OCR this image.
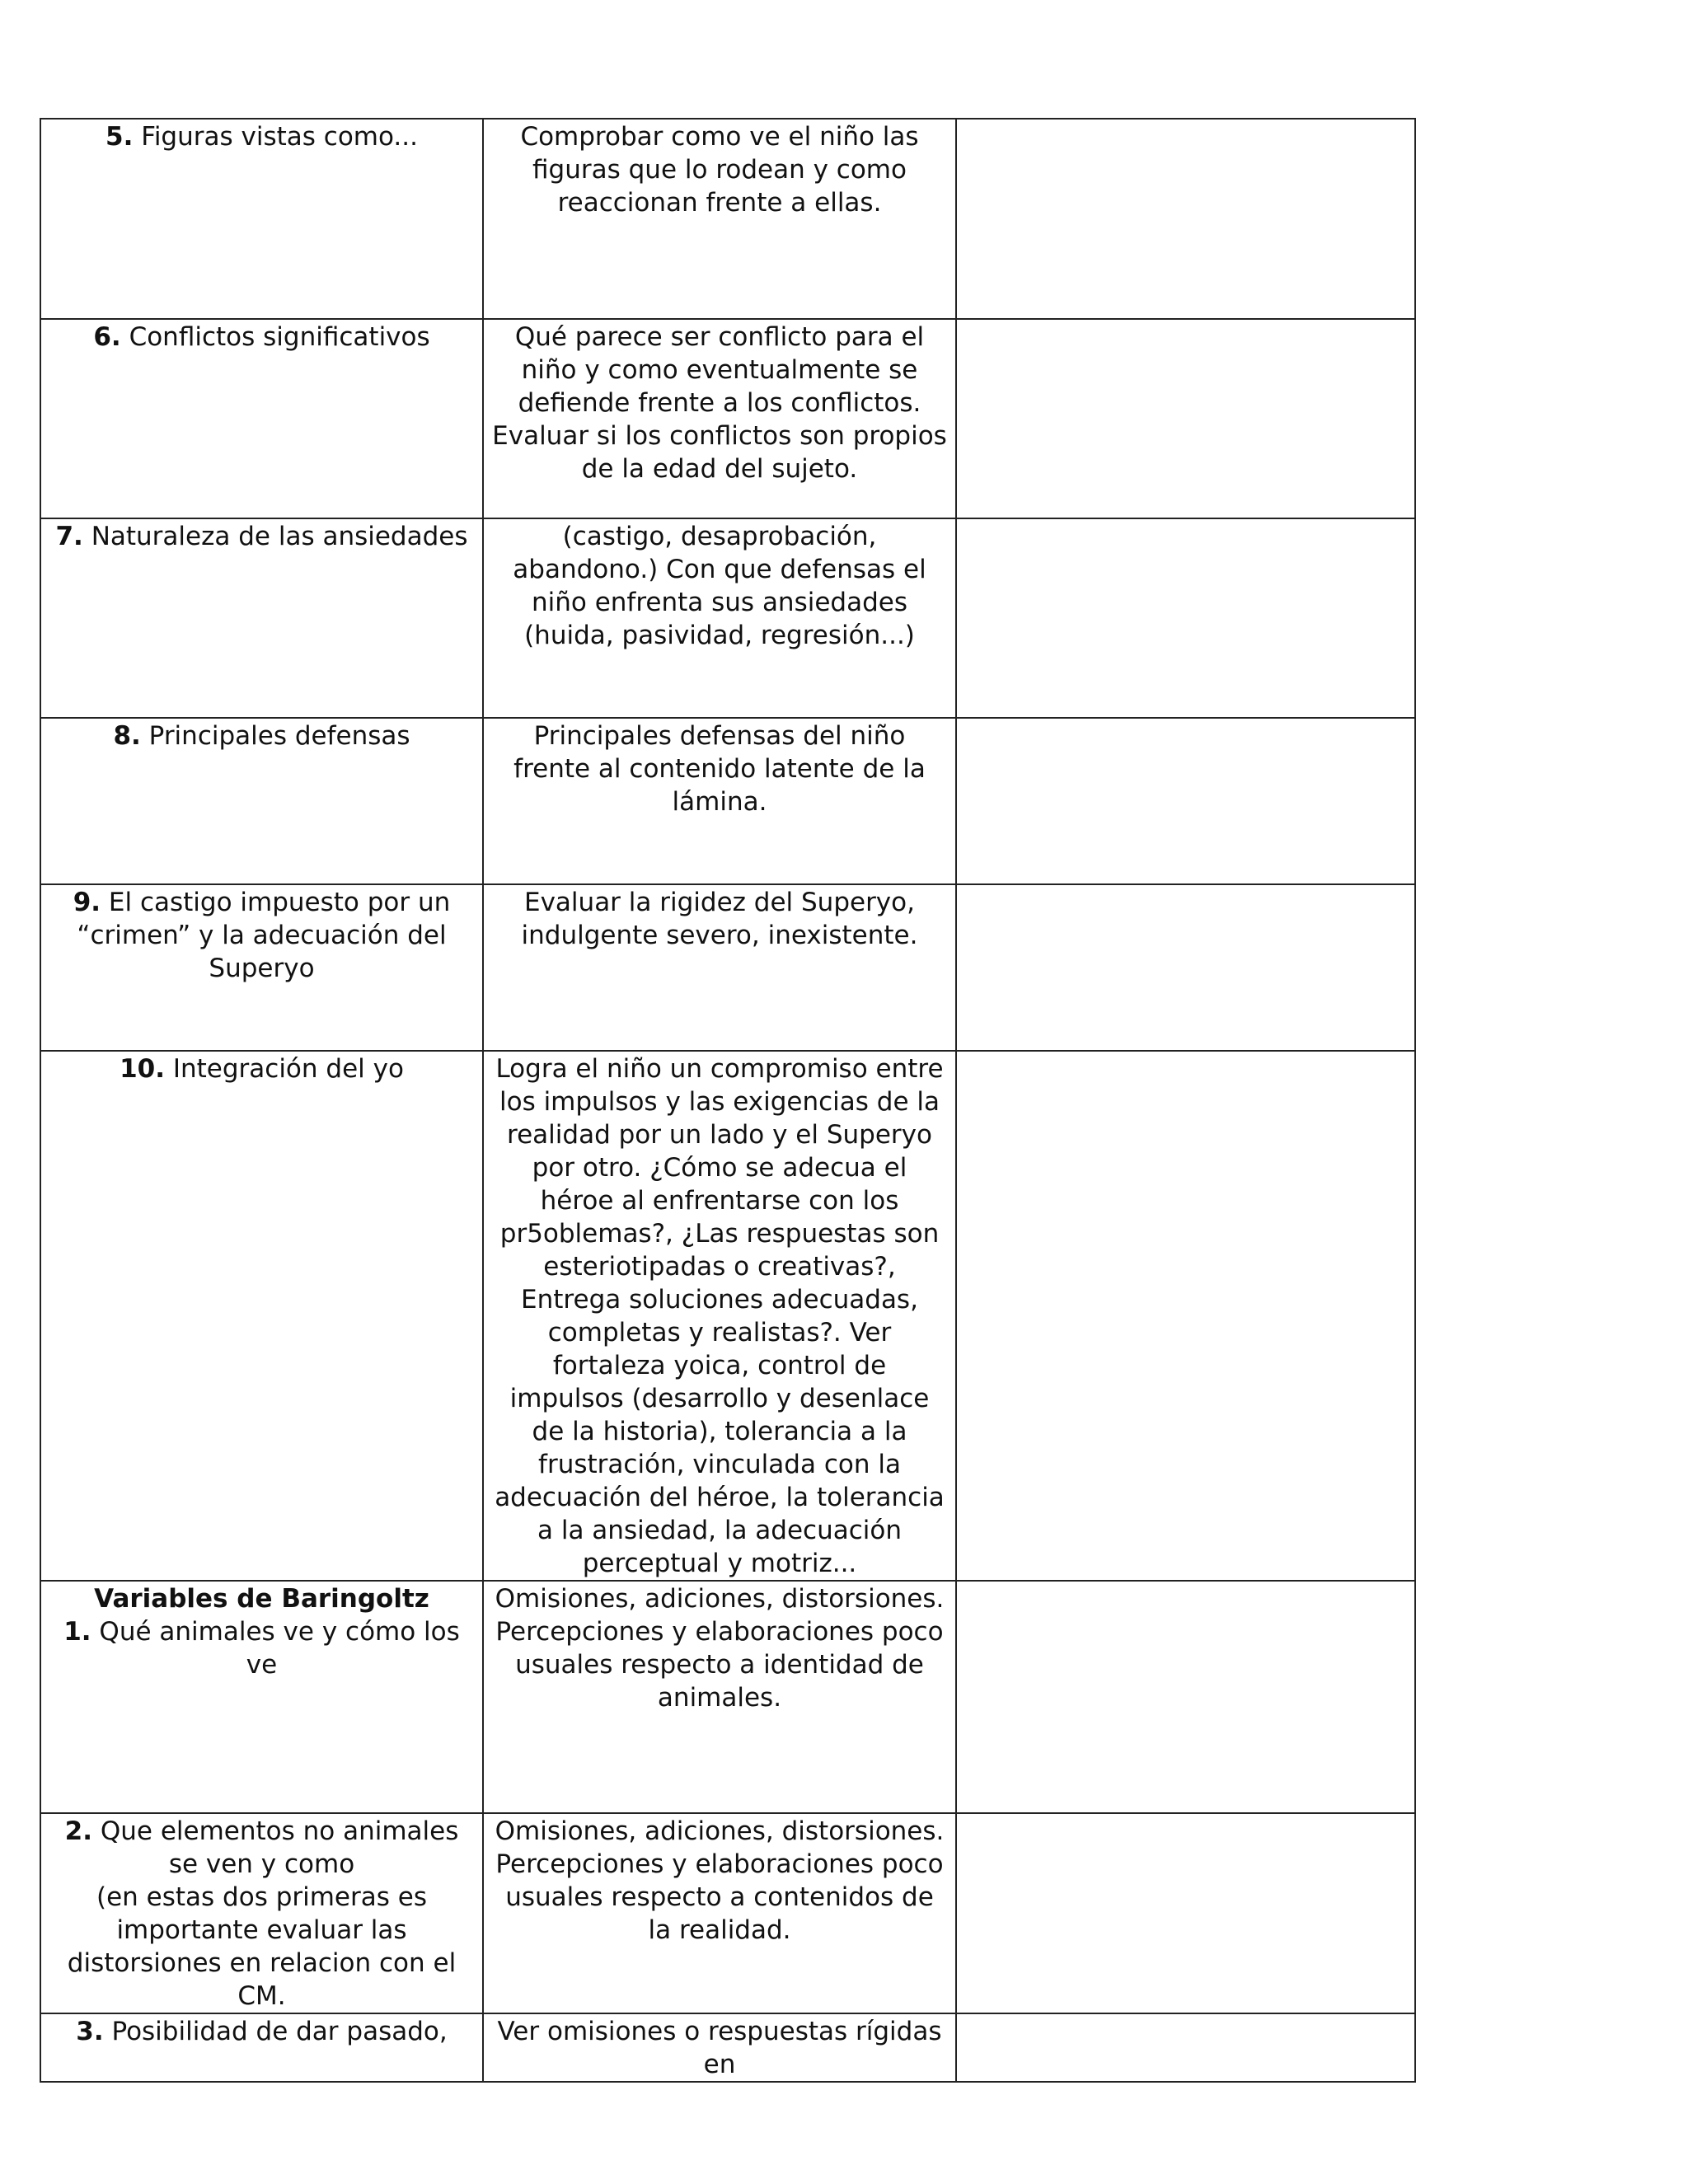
5. Figuras vistas como...	Comprobar como ve el niño las figuras que lo rodean y como reaccionan frente a ellas.	
6. Conflictos significativos	Qué parece ser conflicto para el niño y como eventualmente se defiende frente a los conflictos. Evaluar si los conflictos son propios de la edad del sujeto.	
7. Naturaleza de las ansiedades	(castigo, desaprobación, abandono.) Con que defensas el niño enfrenta sus ansiedades (huida, pasividad, regresión...)	
8. Principales defensas	Principales defensas del niño frente al contenido latente de la lámina.	
9. El castigo impuesto por un “crimen” y la adecuación del Superyo	Evaluar la rigidez del Superyo, indulgente severo, inexistente.	
10. Integración del yo	Logra el niño un compromiso entre los impulsos y las exigencias de la realidad por un lado y el Superyo por otro. ¿Cómo se adecua el héroe al enfrentarse con los pr5oblemas?, ¿Las respuestas son esteriotipadas o creativas?, Entrega soluciones adecuadas, completas y realistas?. Ver fortaleza yoica, control de impulsos (desarrollo y desenlace de la historia), tolerancia a la frustración, vinculada con la adecuación del héroe, la tolerancia a la ansiedad, la adecuación perceptual y motriz...	

Variables de Baringoltz
1. Qué animales ve y cómo los ve	Omisiones, adiciones, distorsiones. Percepciones y elaboraciones poco usuales respecto a identidad de animales.	
2. Que elementos no animales se ven y como
(en estas dos primeras es importante evaluar las distorsiones en relacion con el CM.	Omisiones, adiciones, distorsiones. Percepciones y elaboraciones poco usuales respecto a contenidos de la realidad.	
3. Posibilidad de dar pasado,	Ver omisiones o respuestas rígidas en	
